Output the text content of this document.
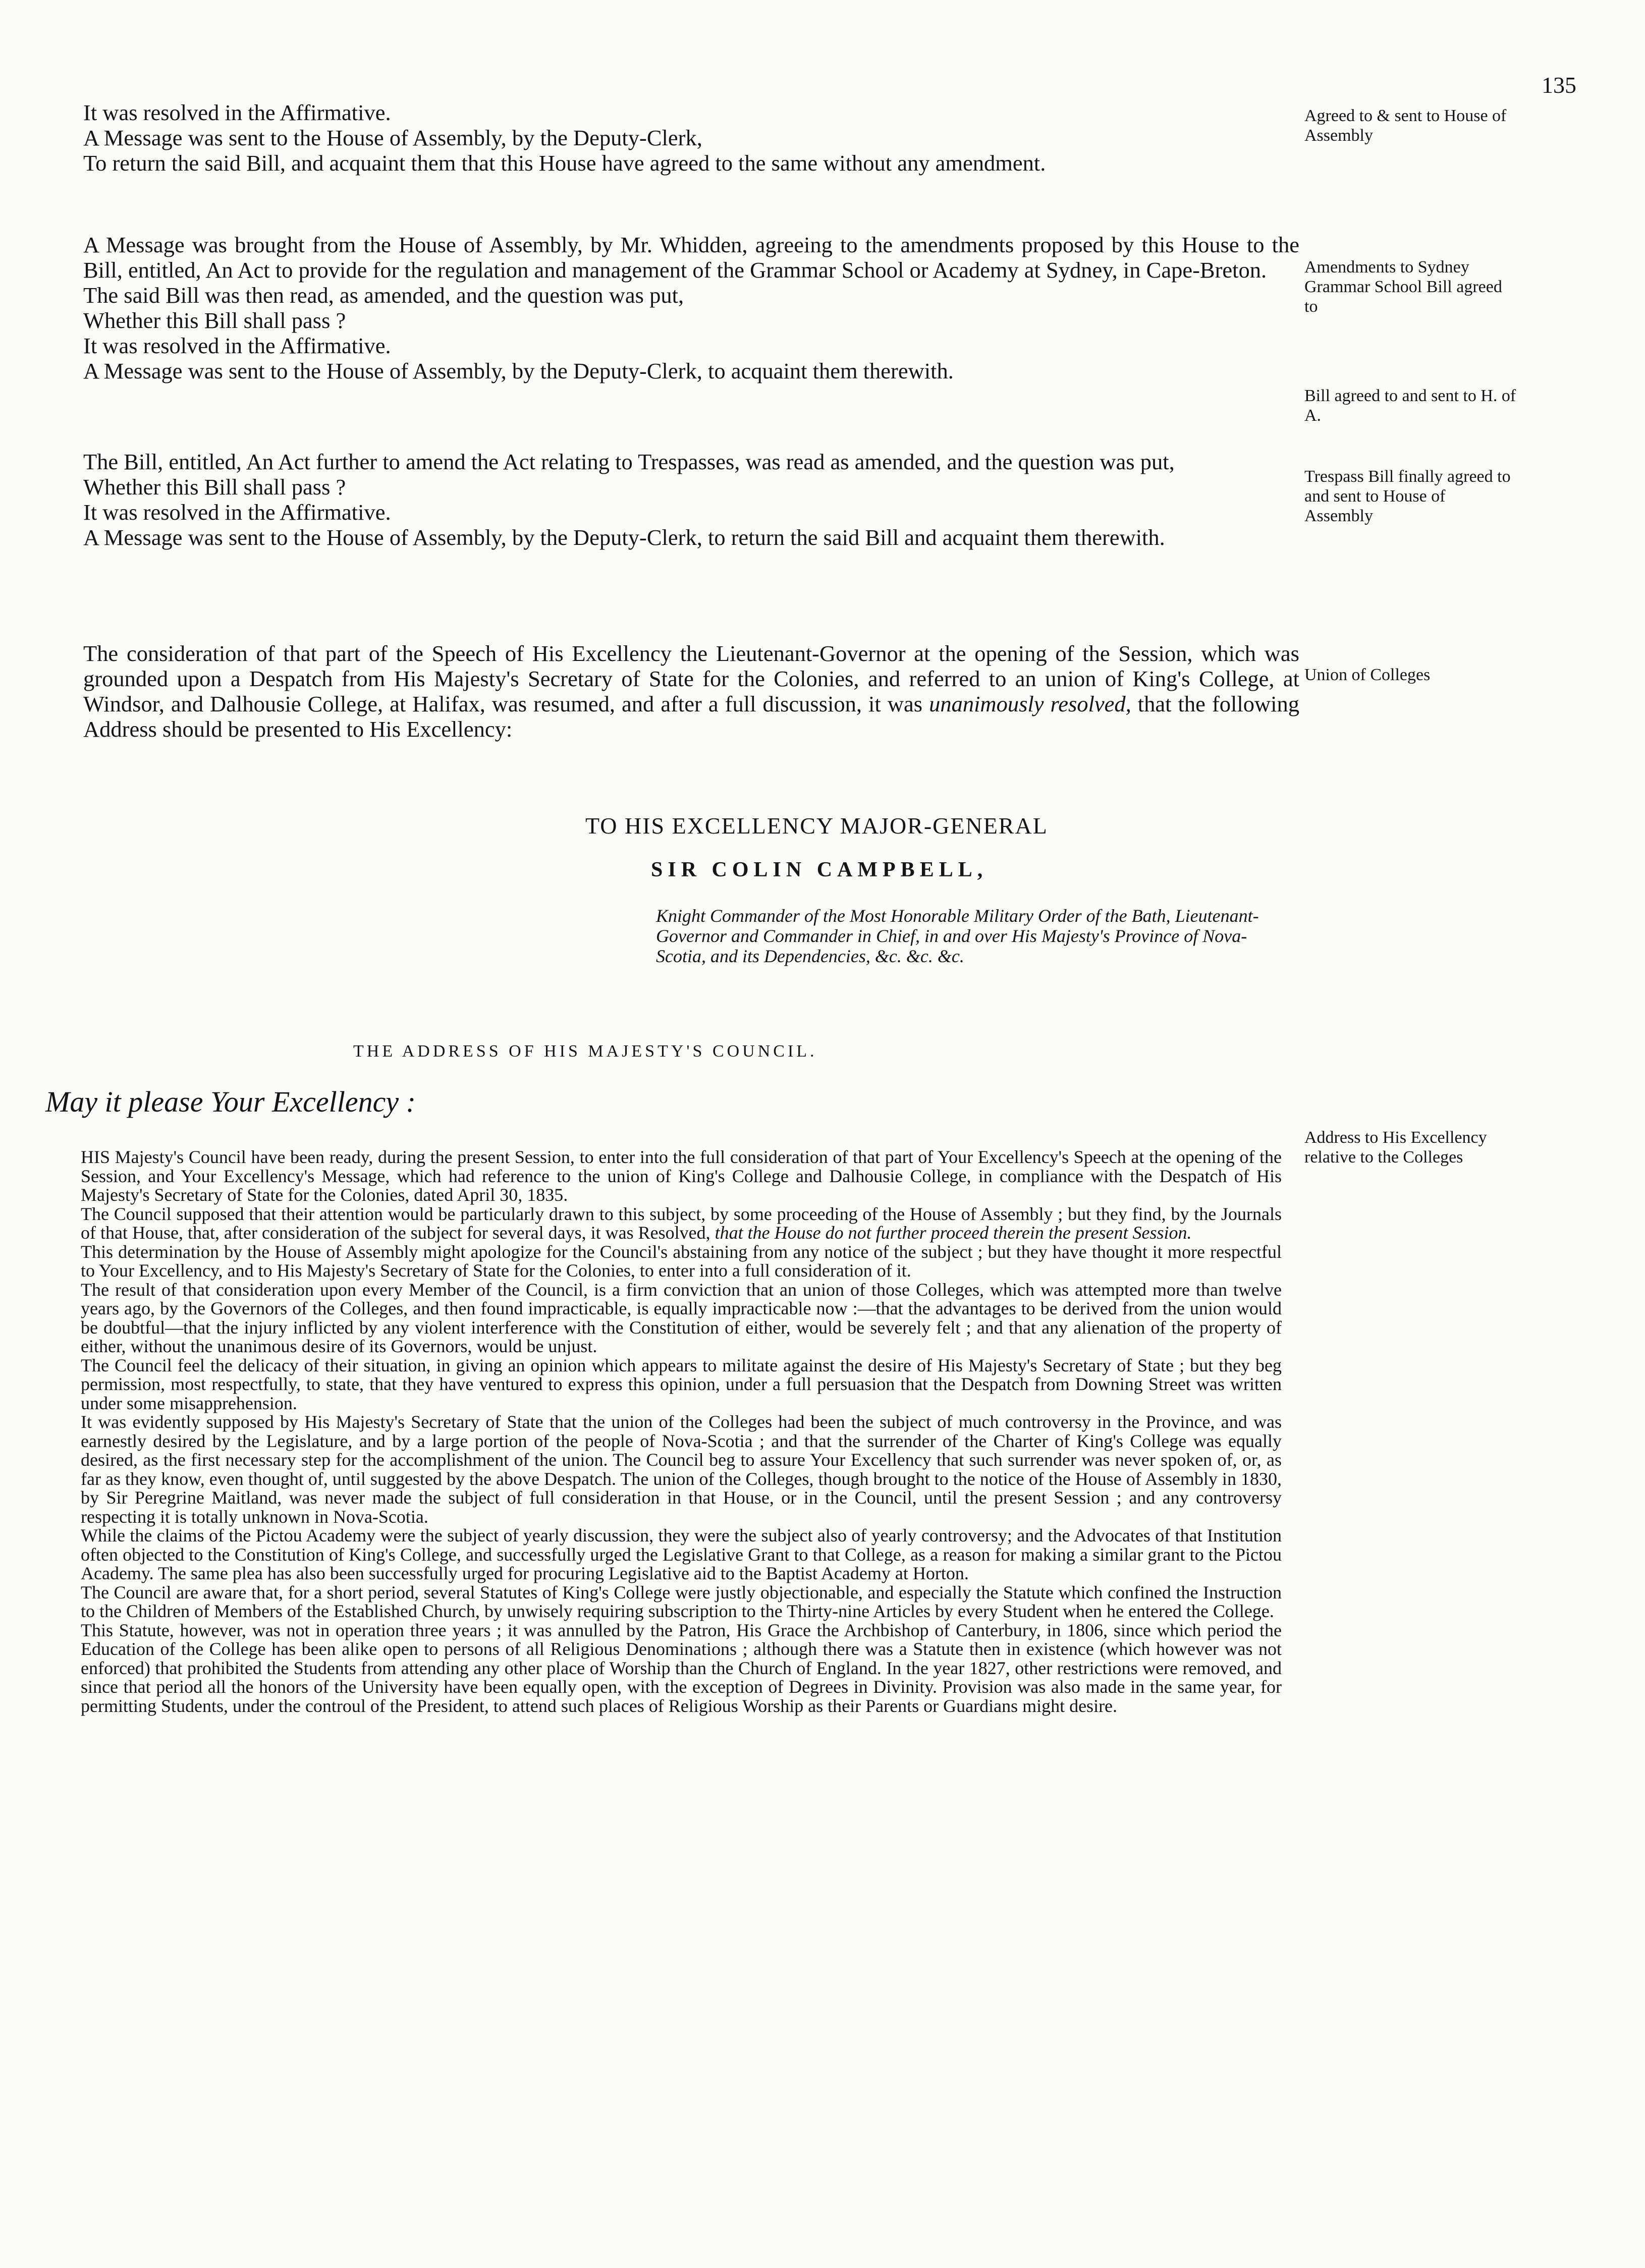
135

It was resolved in the Affirmative.

A Message was sent to the House of Assembly, by the Deputy-Clerk,

To return the said Bill, and acquaint them that this House have agreed to the same without any amendment.

Agreed to & sent to House of Assembly

A Message was brought from the House of Assembly, by Mr. Whidden, agreeing to the amendments proposed by this House to the Bill, entitled, An Act to provide for the regulation and management of the Grammar School or Academy at Sydney, in Cape-Breton.

The said Bill was then read, as amended, and the question was put,

Whether this Bill shall pass ?

It was resolved in the Affirmative.

A Message was sent to the House of Assembly, by the Deputy-Clerk, to acquaint them therewith.

Amendments to Sydney Grammar School Bill agreed to
Bill agreed to and sent to H. of A.

The Bill, entitled, An Act further to amend the Act relating to Trespasses, was read as amended, and the question was put,

Whether this Bill shall pass ?

It was resolved in the Affirmative.

A Message was sent to the House of Assembly, by the Deputy-Clerk, to return the said Bill and acquaint them therewith.

Trespass Bill finally agreed to and sent to House of Assembly

The consideration of that part of the Speech of His Excellency the Lieutenant-Governor at the opening of the Session, which was grounded upon a Despatch from His Majesty's Secretary of State for the Colonies, and referred to an union of King's College, at Windsor, and Dalhousie College, at Halifax, was resumed, and after a full discussion, it was unanimously resolved, that the following Address should be presented to His Excellency:

Union of Colleges
TO HIS EXCELLENCY MAJOR-GENERAL
SIR COLIN CAMPBELL,
Knight Commander of the Most Honorable Military Order of the Bath, Lieutenant-Governor and Commander in Chief, in and over His Majesty's Province of Nova-Scotia, and its Dependencies, &c. &c. &c.
THE ADDRESS OF HIS MAJESTY'S COUNCIL.
May it please Your Excellency :
Address to His Excellency relative to the Colleges

HIS Majesty's Council have been ready, during the present Session, to enter into the full consideration of that part of Your Excellency's Speech at the opening of the Session, and Your Excellency's Message, which had reference to the union of King's College and Dalhousie College, in compliance with the Despatch of His Majesty's Secretary of State for the Colonies, dated April 30, 1835.

The Council supposed that their attention would be particularly drawn to this subject, by some proceeding of the House of Assembly ; but they find, by the Journals of that House, that, after consideration of the subject for several days, it was Resolved, that the House do not further proceed therein the present Session.

This determination by the House of Assembly might apologize for the Council's abstaining from any notice of the subject ; but they have thought it more respectful to Your Excellency, and to His Majesty's Secretary of State for the Colonies, to enter into a full consideration of it.

The result of that consideration upon every Member of the Council, is a firm conviction that an union of those Colleges, which was attempted more than twelve years ago, by the Governors of the Colleges, and then found impracticable, is equally impracticable now :—that the advantages to be derived from the union would be doubtful—that the injury inflicted by any violent interference with the Constitution of either, would be severely felt ; and that any alienation of the property of either, without the unanimous desire of its Governors, would be unjust.

The Council feel the delicacy of their situation, in giving an opinion which appears to militate against the desire of His Majesty's Secretary of State ; but they beg permission, most respectfully, to state, that they have ventured to express this opinion, under a full persuasion that the Despatch from Downing Street was written under some misapprehension.

It was evidently supposed by His Majesty's Secretary of State that the union of the Colleges had been the subject of much controversy in the Province, and was earnestly desired by the Legislature, and by a large portion of the people of Nova-Scotia ; and that the surrender of the Charter of King's College was equally desired, as the first necessary step for the accomplishment of the union. The Council beg to assure Your Excellency that such surrender was never spoken of, or, as far as they know, even thought of, until suggested by the above Despatch. The union of the Colleges, though brought to the notice of the House of Assembly in 1830, by Sir Peregrine Maitland, was never made the subject of full consideration in that House, or in the Council, until the present Session ; and any controversy respecting it is totally unknown in Nova-Scotia.

While the claims of the Pictou Academy were the subject of yearly discussion, they were the subject also of yearly controversy; and the Advocates of that Institution often objected to the Constitution of King's College, and successfully urged the Legislative Grant to that College, as a reason for making a similar grant to the Pictou Academy. The same plea has also been successfully urged for procuring Legislative aid to the Baptist Academy at Horton.

The Council are aware that, for a short period, several Statutes of King's College were justly objectionable, and especially the Statute which confined the Instruction to the Children of Members of the Established Church, by unwisely requiring subscription to the Thirty-nine Articles by every Student when he entered the College.

This Statute, however, was not in operation three years ; it was annulled by the Patron, His Grace the Archbishop of Canterbury, in 1806, since which period the Education of the College has been alike open to persons of all Religious Denominations ; although there was a Statute then in existence (which however was not enforced) that prohibited the Students from attending any other place of Worship than the Church of England. In the year 1827, other restrictions were removed, and since that period all the honors of the University have been equally open, with the exception of Degrees in Divinity. Provision was also made in the same year, for permitting Students, under the controul of the President, to attend such places of Religious Worship as their Parents or Guardians might desire.
